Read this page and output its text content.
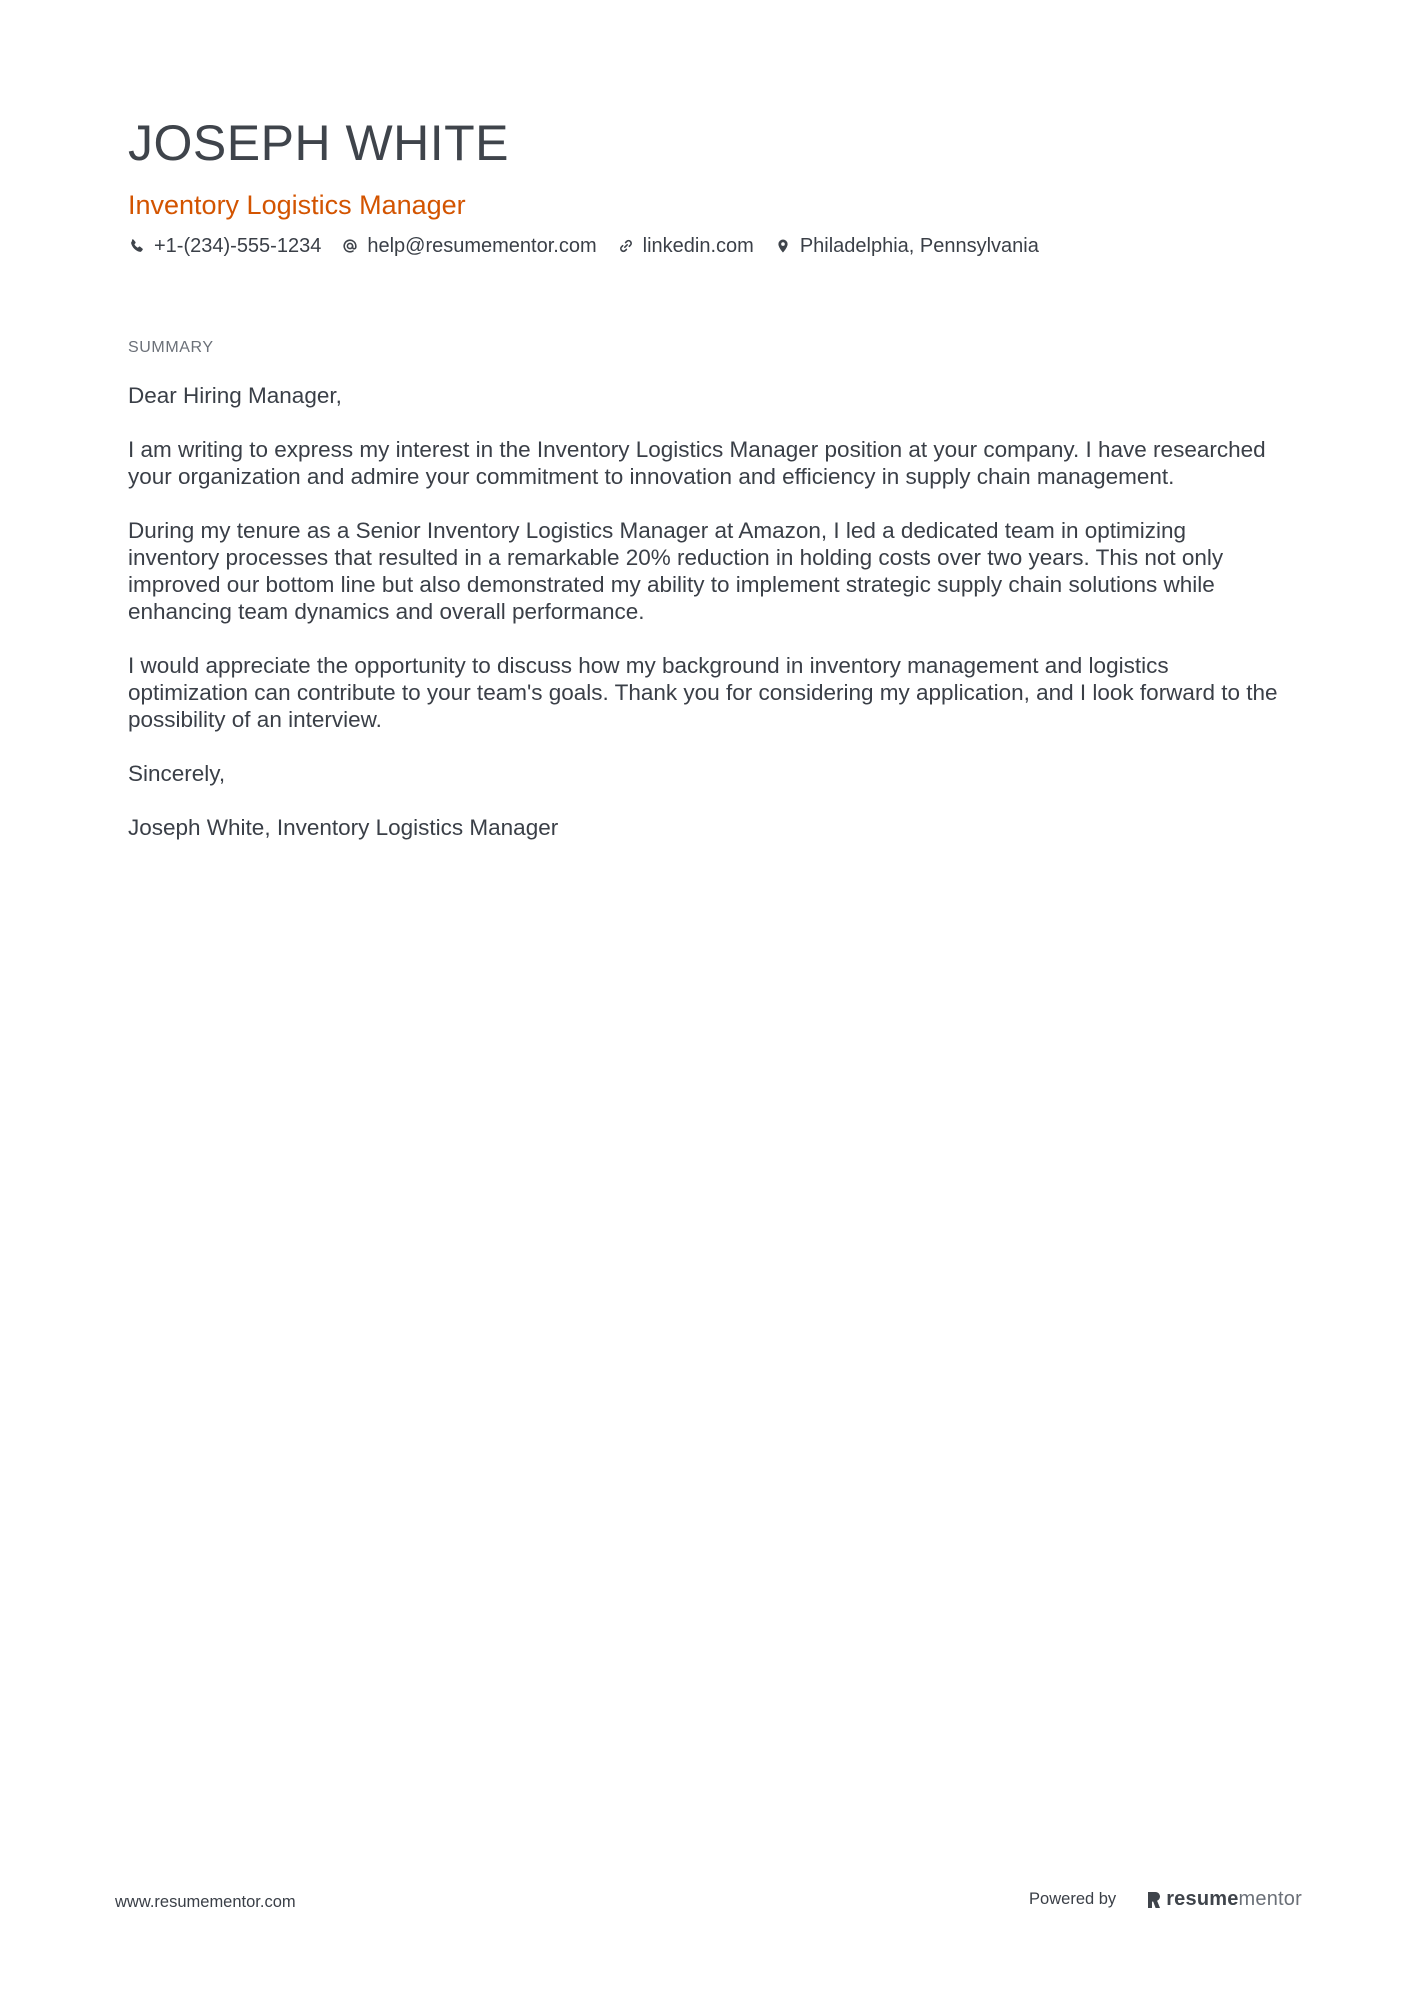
JOSEPH WHITE
Inventory Logistics Manager
+1-(234)-555-1234 help@resumementor.com linkedin.com Philadelphia, Pennsylvania
SUMMARY

Dear Hiring Manager,

I am writing to express my interest in the Inventory Logistics Manager position at your company. I have researched your organization and admire your commitment to innovation and efficiency in supply chain management.

During my tenure as a Senior Inventory Logistics Manager at Amazon, I led a dedicated team in optimizing inventory processes that resulted in a remarkable 20% reduction in holding costs over two years. This not only improved our bottom line but also demonstrated my ability to implement strategic supply chain solutions while enhancing team dynamics and overall performance.

I would appreciate the opportunity to discuss how my background in inventory management and logistics optimization can contribute to your team's goals. Thank you for considering my application, and I look forward to the possibility of an interview.

Sincerely,

Joseph White, Inventory Logistics Manager

www.resumementor.com	Powered by	resume mentor
